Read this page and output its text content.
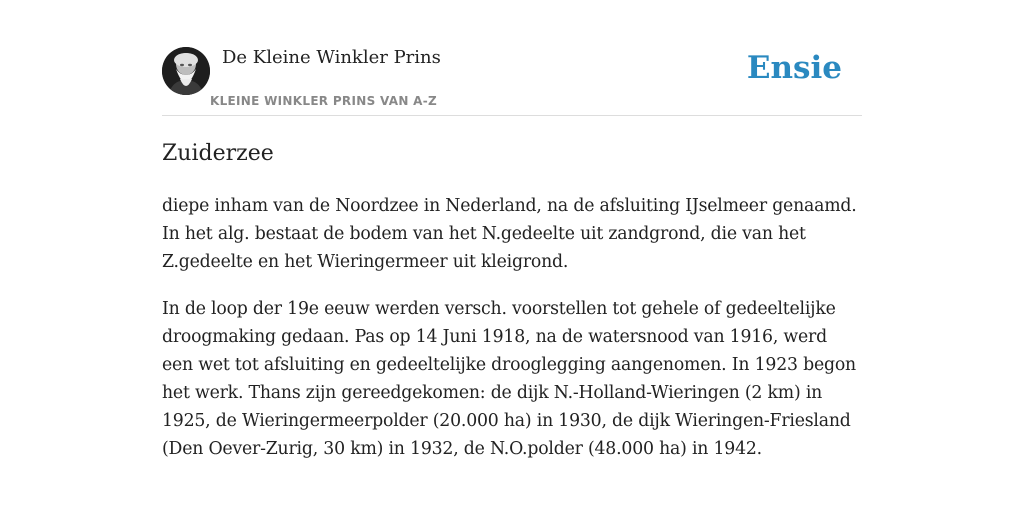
De Kleine Winkler Prins
KLEINE WINKLER PRINS VAN A-Z
Ensie
Zuiderzee

diepe inham van de Noordzee in Nederland, na de afsluiting IJselmeer genaamd. In het alg. bestaat de bodem van het N.gedeelte uit zandgrond, die van het Z.gedeelte en het Wieringermeer uit kleigrond.

In de loop der 19e eeuw werden versch. voorstellen tot gehele of gedeeltelijke droogmaking gedaan. Pas op 14 Juni 1918, na de watersnood van 1916, werd een wet tot afsluiting en gedeeltelijke drooglegging aangenomen. In 1923 begon het werk. Thans zijn gereedgekomen: de dijk N.-Holland-Wieringen (2 km) in 1925, de Wieringermeerpolder (20.000 ha) in 1930, de dijk Wieringen-Friesland (Den Oever-Zurig, 30 km) in 1932, de N.O.polder (48.000 ha) in 1942.
